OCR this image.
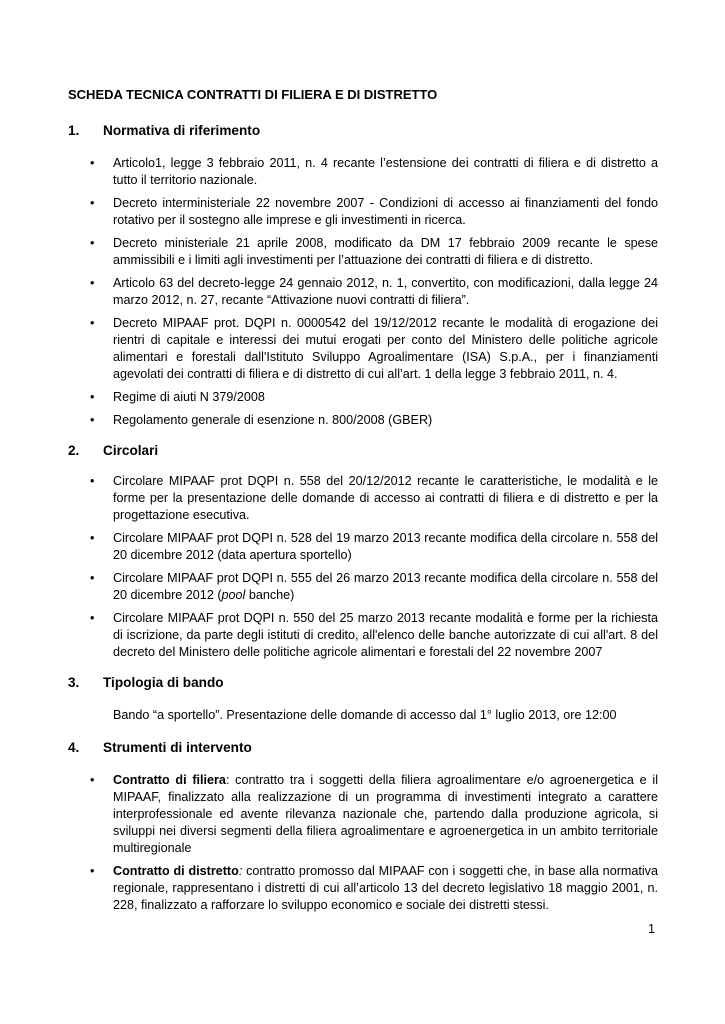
SCHEDA TECNICA CONTRATTI DI FILIERA E DI DISTRETTO
1. Normativa di riferimento
• Articolo1, legge 3 febbraio 2011, n. 4 recante l’estensione dei contratti di filiera e di distretto a tutto il territorio nazionale.
• Decreto interministeriale 22 novembre 2007 - Condizioni di accesso ai finanziamenti del fondo rotativo per il sostegno alle imprese e gli investimenti in ricerca.
• Decreto ministeriale 21 aprile 2008, modificato da DM 17 febbraio 2009 recante le spese ammissibili e i limiti agli investimenti per l’attuazione dei contratti di filiera e di distretto.
• Articolo 63 del decreto-legge 24 gennaio 2012, n. 1, convertito, con modificazioni, dalla legge 24 marzo 2012, n. 27, recante “Attivazione nuovi contratti di filiera”.
• Decreto MIPAAF prot. DQPI n. 0000542 del 19/12/2012 recante le modalità di erogazione dei rientri di capitale e interessi dei mutui erogati per conto del Ministero delle politiche agricole alimentari e forestali dall'Istituto Sviluppo Agroalimentare (ISA) S.p.A., per i finanziamenti agevolati dei contratti di filiera e di distretto di cui all’art. 1 della legge 3 febbraio 2011, n. 4.
• Regime di aiuti N 379/2008
• Regolamento generale di esenzione n. 800/2008 (GBER)
2. Circolari
• Circolare MIPAAF prot DQPI n. 558 del 20/12/2012 recante le caratteristiche, le modalità e le forme per la presentazione delle domande di accesso ai contratti di filiera e di distretto e per la progettazione esecutiva.
• Circolare MIPAAF prot DQPI n. 528 del 19 marzo 2013 recante modifica della circolare n. 558 del 20 dicembre 2012 (data apertura sportello)
• Circolare MIPAAF prot DQPI n. 555 del 26 marzo 2013 recante modifica della circolare n. 558 del 20 dicembre 2012 (pool banche)
• Circolare MIPAAF prot DQPI n. 550 del 25 marzo 2013 recante modalità e forme per la richiesta di iscrizione, da parte degli istituti di credito, all'elenco delle banche autorizzate di cui all'art. 8 del decreto del Ministero delle politiche agricole alimentari e forestali del 22 novembre 2007
3. Tipologia di bando
Bando “a sportello”. Presentazione delle domande di accesso dal 1° luglio 2013, ore 12:00
4. Strumenti di intervento
• Contratto di filiera: contratto tra i soggetti della filiera agroalimentare e/o agroenergetica e il MIPAAF, finalizzato alla realizzazione di un programma di investimenti integrato a carattere interprofessionale ed avente rilevanza nazionale che, partendo dalla produzione agricola, si sviluppi nei diversi segmenti della filiera agroalimentare e agroenergetica in un ambito territoriale multiregionale
• Contratto di distretto: contratto promosso dal MIPAAF con i soggetti che, in base alla normativa regionale, rappresentano i distretti di cui all’articolo 13 del decreto legislativo 18 maggio 2001, n. 228, finalizzato a rafforzare lo sviluppo economico e sociale dei distretti stessi.
1
